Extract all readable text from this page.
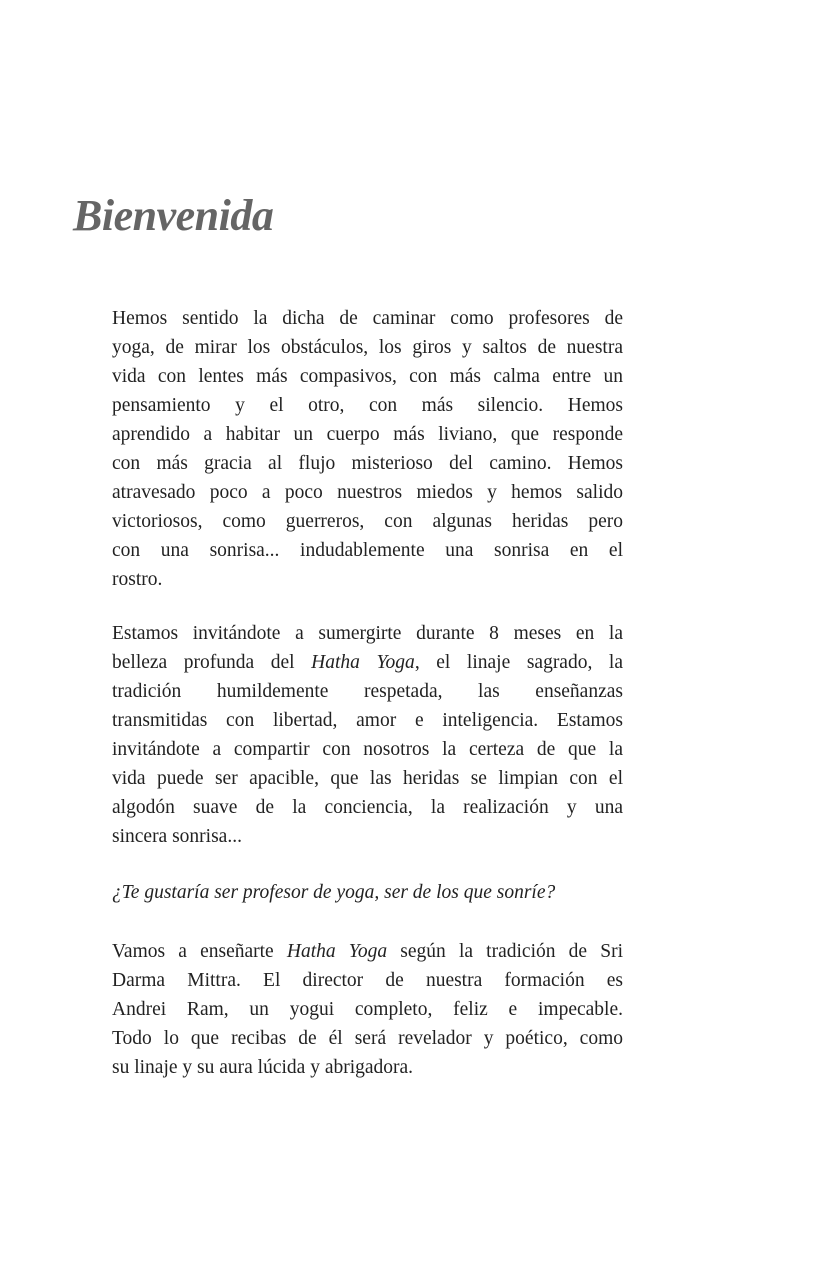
Bienvenida
Hemos sentido la dicha de caminar como profesores de
yoga, de mirar los obstáculos, los giros y saltos de nuestra
vida con lentes más compasivos, con más calma entre un
pensamiento y el otro, con más silencio. Hemos
aprendido a habitar un cuerpo más liviano, que responde
con más gracia al flujo misterioso del camino. Hemos
atravesado poco a poco nuestros miedos y hemos salido
victoriosos, como guerreros, con algunas heridas pero
con una sonrisa... indudablemente una sonrisa en el
rostro.
Estamos invitándote a sumergirte durante 8 meses en la
belleza profunda del Hatha Yoga, el linaje sagrado, la
tradición humildemente respetada, las enseñanzas
transmitidas con libertad, amor e inteligencia. Estamos
invitándote a compartir con nosotros la certeza de que la
vida puede ser apacible, que las heridas se limpian con el
algodón suave de la conciencia, la realización y una
sincera sonrisa...
¿Te gustaría ser profesor de yoga, ser de los que sonríe?
Vamos a enseñarte Hatha Yoga según la tradición de Sri
Darma Mittra. El director de nuestra formación es
Andrei Ram, un yogui completo, feliz e impecable.
Todo lo que recibas de él será revelador y poético, como
su linaje y su aura lúcida y abrigadora.
